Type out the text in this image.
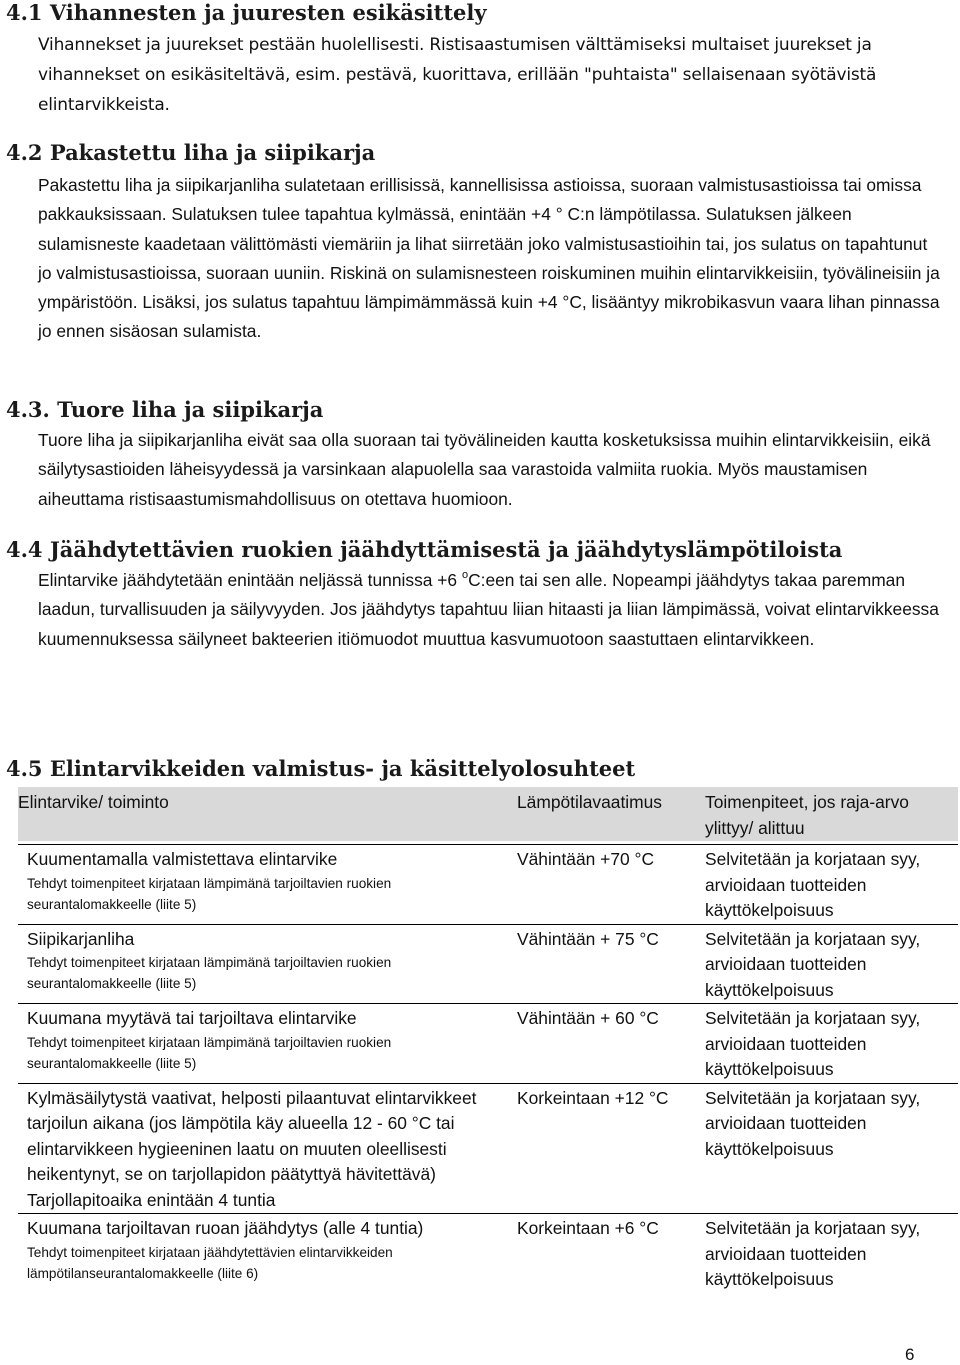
4.1 Vihannesten ja juuresten esikäsittely

Vihannekset ja juurekset pestään huolellisesti. Ristisaastumisen välttämiseksi multaiset juurekset ja vihannekset on esikäsiteltävä, esim. pestävä, kuorittava, erillään "puhtaista" sellaisenaan syötävistä elintarvikkeista.

4.2 Pakastettu liha ja siipikarja

Pakastettu liha ja siipikarjanliha sulatetaan erillisissä, kannellisissa astioissa, suoraan valmistusastioissa tai omissa pakkauksissaan. Sulatuksen tulee tapahtua kylmässä, enintään +4 ° C:n lämpötilassa. Sulatuksen jälkeen sulamisneste kaadetaan välittömästi viemäriin ja lihat siirretään joko valmistusastioihin tai, jos sulatus on tapahtunut jo valmistusastioissa, suoraan uuniin. Riskinä on sulamisnesteen roiskuminen muihin elintarvikkeisiin, työvälineisiin ja ympäristöön. Lisäksi, jos sulatus tapahtuu lämpimämmässä kuin +4 °C, lisääntyy mikrobikasvun vaara lihan pinnassa jo ennen sisäosan sulamista.

4.3. Tuore liha ja siipikarja

Tuore liha ja siipikarjanliha eivät saa olla suoraan tai työvälineiden kautta kosketuksissa muihin elintarvikkeisiin, eikä säilytysastioiden läheisyydessä ja varsinkaan alapuolella saa varastoida valmiita ruokia. Myös maustamisen aiheuttama ristisaastumismahdollisuus on otettava huomioon.

4.4 Jäähdytettävien ruokien jäähdyttämisestä ja jäähdytyslämpötiloista

Elintarvike jäähdytetään enintään neljässä tunnissa +6 $^o$C:een tai sen alle. Nopeampi jäähdytys takaa paremman laadun, turvallisuuden ja säilyvyyden. Jos jäähdytys tapahtuu liian hitaasti ja liian lämpimässä, voivat elintarvikkeessa kuumennuksessa säilyneet bakteerien itiömuodot muuttua kasvumuotoon saastuttaen elintarvikkeen.

4.5 Elintarvikkeiden valmistus- ja käsittelyolosuhteet
Elintarvike/ toiminto	Lämpötilavaatimus	Toimenpiteet, jos raja-arvo ylittyy/ alittuu

Kuumentamalla valmistettava elintarvike
Tehdyt toimenpiteet kirjataan lämpimänä tarjoiltavien ruokien seurantalomakkeelle (liite 5)	Vähintään +70 °C	Selvitetään ja korjataan syy, arvioidaan tuotteiden käyttökelpoisuus

Siipikarjanliha
Tehdyt toimenpiteet kirjataan lämpimänä tarjoiltavien ruokien seurantalomakkeelle (liite 5)	Vähintään + 75 °C	Selvitetään ja korjataan syy, arvioidaan tuotteiden käyttökelpoisuus

Kuumana myytävä tai tarjoiltava elintarvike
Tehdyt toimenpiteet kirjataan lämpimänä tarjoiltavien ruokien seurantalomakkeelle (liite 5)	Vähintään + 60 °C	Selvitetään ja korjataan syy, arvioidaan tuotteiden käyttökelpoisuus

Kylmäsäilytystä vaativat, helposti pilaantuvat elintarvikkeet tarjoilun aikana (jos lämpötila käy alueella 12 - 60 °C tai elintarvikkeen hygieeninen laatu on muuten oleellisesti heikentynyt, se on tarjollapidon päätyttyä hävitettävä) Tarjollapitoaika enintään 4 tuntia	Korkeintaan +12 °C	Selvitetään ja korjataan syy, arvioidaan tuotteiden käyttökelpoisuus

Kuumana tarjoiltavan ruoan jäähdytys (alle 4 tuntia)
Tehdyt toimenpiteet kirjataan jäähdytettävien elintarvikkeiden lämpötilanseurantalomakkeelle (liite 6)	Korkeintaan +6 °C	Selvitetään ja korjataan syy, arvioidaan tuotteiden käyttökelpoisuus
6
